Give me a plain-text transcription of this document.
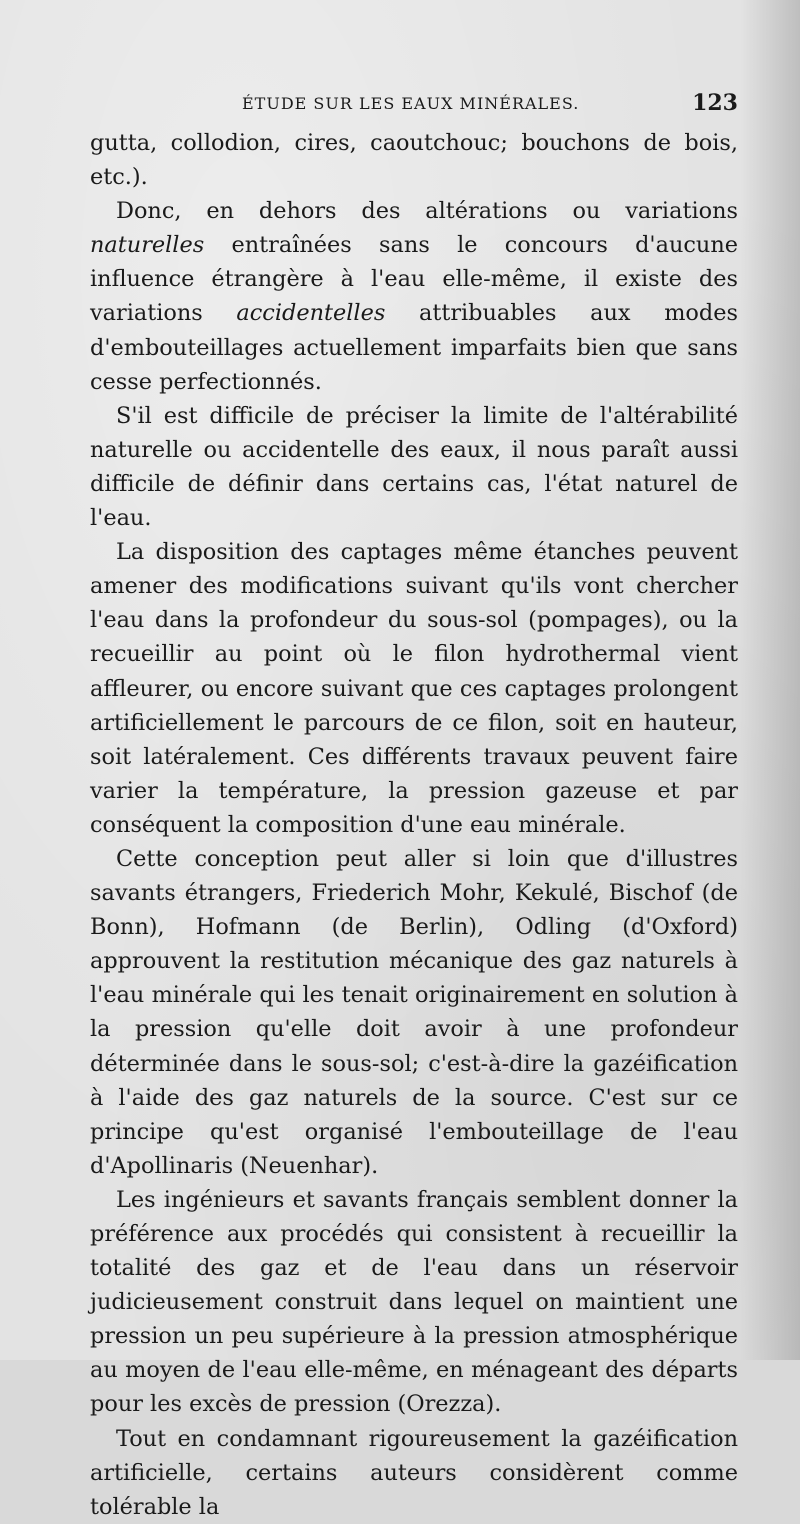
ÉTUDE SUR LES EAUX MINÉRALES.	123

gutta, collodion, cires, caoutchouc; bouchons de bois, etc.).

Donc, en dehors des altérations ou variations naturelles entraînées sans le concours d'aucune influence étrangère à l'eau elle-même, il existe des variations accidentelles attribuables aux modes d'embouteillages actuellement imparfaits bien que sans cesse perfectionnés.

S'il est difficile de préciser la limite de l'altérabilité naturelle ou accidentelle des eaux, il nous paraît aussi difficile de définir dans certains cas, l'état naturel de l'eau.

La disposition des captages même étanches peuvent amener des modifications suivant qu'ils vont chercher l'eau dans la profondeur du sous-sol (pompages), ou la recueillir au point où le filon hydrothermal vient affleurer, ou encore suivant que ces captages prolongent artificiellement le parcours de ce filon, soit en hauteur, soit latéralement. Ces différents travaux peuvent faire varier la température, la pression gazeuse et par conséquent la composition d'une eau minérale.

Cette conception peut aller si loin que d'illustres savants étrangers, Friederich Mohr, Kekulé, Bischof (de Bonn), Hofmann (de Berlin), Odling (d'Oxford) approuvent la restitution mécanique des gaz naturels à l'eau minérale qui les tenait originairement en solution à la pression qu'elle doit avoir à une profondeur déterminée dans le sous-sol; c'est-à-dire la gazéification à l'aide des gaz naturels de la source. C'est sur ce principe qu'est organisé l'embouteillage de l'eau d'Apollinaris (Neuenhar).

Les ingénieurs et savants français semblent donner la préférence aux procédés qui consistent à recueillir la totalité des gaz et de l'eau dans un réservoir judicieusement construit dans lequel on maintient une pression un peu supérieure à la pression atmosphérique au moyen de l'eau elle-même, en ménageant des départs pour les excès de pression (Orezza).

Tout en condamnant rigoureusement la gazéification artificielle, certains auteurs considèrent comme tolérable la
